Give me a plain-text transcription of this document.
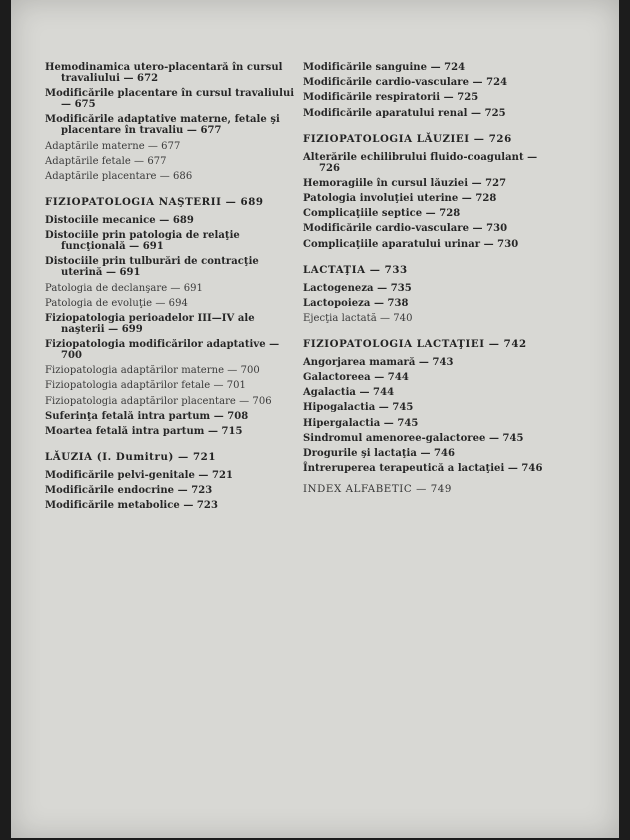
Hemodinamica utero-placentară în cursul travaliului — 672
Modificările placentare în cursul travaliului — 675
Modificările adaptative materne, fetale şi placentare în travaliu — 677
Adaptările materne — 677
Adaptările fetale — 677
Adaptările placentare — 686
FIZIOPATOLOGIA NAŞTERII — 689
Distociile mecanice — 689
Distociile prin patologia de relaţie funcţională — 691
Distociile prin tulburări de contracţie uterină — 691
Patologia de declanşare — 691
Patologia de evoluţie — 694
Fiziopatologia perioadelor III—IV ale naşterii — 699
Fiziopatologia modificărilor adaptative — 700
Fiziopatologia adaptărilor materne — 700
Fiziopatologia adaptărilor fetale — 701
Fiziopatologia adaptărilor placentare — 706
Suferinţa fetală intra partum — 708
Moartea fetală intra partum — 715
LĂUZIA (I. Dumitru) — 721
Modificările pelvi-genitale — 721
Modificările endocrine — 723
Modificările metabolice — 723
Modificările sanguine — 724
Modificările cardio-vasculare — 724
Modificările respiratorii — 725
Modificările aparatului renal — 725
FIZIOPATOLOGIA LĂUZIEI — 726
Alterările echilibrului fluido-coagulant — 726
Hemoragiile în cursul lăuziei — 727
Patologia involuţiei uterine — 728
Complicaţiile septice — 728
Modificările cardio-vasculare — 730
Complicaţiile aparatului urinar — 730
LACTAŢIA — 733
Lactogeneza — 735
Lactopoieza — 738
Ejecţia lactată — 740
FIZIOPATOLOGIA LACTAŢIEI — 742
Angorjarea mamară — 743
Galactoreea — 744
Agalactia — 744
Hipogalactia — 745
Hipergalactia — 745
Sindromul amenoree-galactoree — 745
Drogurile şi lactaţia — 746
Întreruperea terapeutică a lactaţiei — 746
INDEX ALFABETIC — 749
